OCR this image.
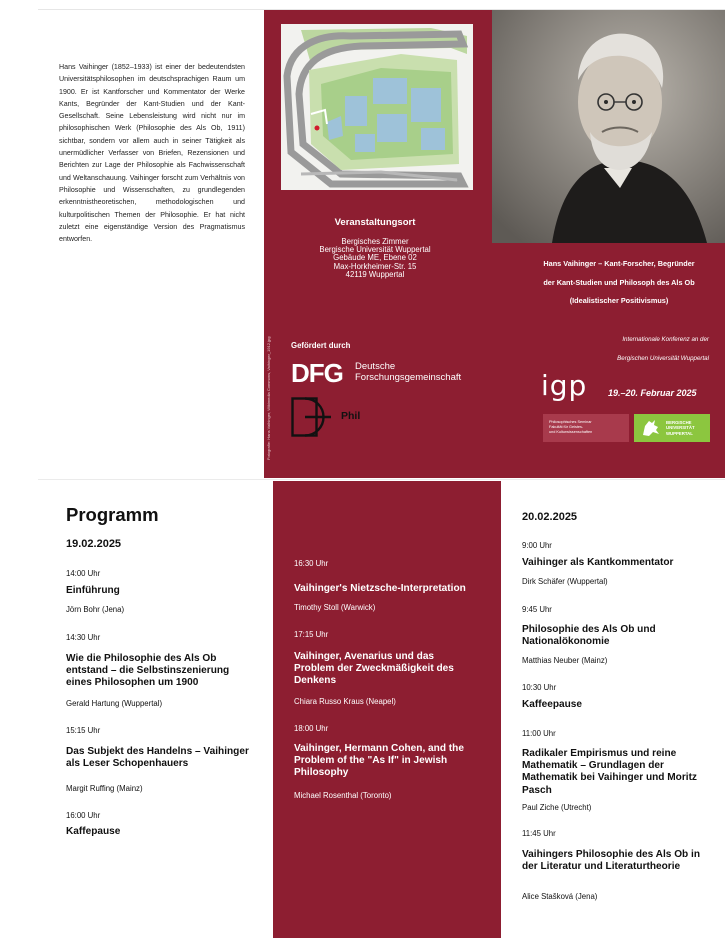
Hans Vaihinger (1852–1933) ist einer der bedeutendsten Universitätsphilosophen im deutschsprachigen Raum um 1900. Er ist Kantforscher und Kommentator der Werke Kants, Begründer der Kant-Studien und der Kant-Gesellschaft. Seine Lebensleistung wird nicht nur im philosophischen Werk (Philosophie des Als Ob, 1911) sichtbar, sondern vor allem auch in seiner Tätigkeit als unermüdlicher Verfasser von Briefen, Rezensionen und Berichten zur Lage der Philosophie als Fachwissenschaft und Weltanschauung. Vaihinger forscht zum Verhältnis von Philosophie und Wissenschaften, zu grundlegenden erkenntnistheoretischen, methodologischen und kulturpolitischen Themen der Philosophie. Er hat nicht zuletzt eine eigenständige Version des Pragmatismus entworfen.
Veranstaltungsort
Bergisches Zimmer
Bergische Universität Wuppertal
Gebäude ME, Ebene 02
Max-Horkheimer-Str. 15
42119 Wuppertal
Gefördert durch
DFG Deutsche
Forschungsgemeinschaft
Phil
Fotografie: Hans Vaihinger, Wikimedia Commons, Vaihinger_1912.jpg
Hans Vaihinger – Kant-Forscher, Begründer
der Kant-Studien und Philosoph des Als Ob
(Idealistischer Positivismus)
Internationale Konferenz an der
Bergischen Universität Wuppertal
igp 19.–20. Februar 2025
Philosophisches Seminar
Fakultät für Geistes-
und Kulturwissenschaften
BERGISCHE
UNIVERSITÄT
WUPPERTAL
Programm
19.02.2025
14:00 Uhr
Einführung
Jörn Bohr (Jena)
14:30 Uhr
Wie die Philosophie des Als Ob entstand – die Selbstinszenierung eines Philosophen um 1900
Gerald Hartung (Wuppertal)
15:15 Uhr
Das Subjekt des Handelns – Vaihinger als Leser Schopenhauers
Margit Ruffing (Mainz)
16:00 Uhr
Kaffepause
16:30 Uhr
Vaihinger's Nietzsche-Interpretation
Timothy Stoll (Warwick)
17:15 Uhr
Vaihinger, Avenarius und das Problem der Zweckmäßigkeit des Denkens
Chiara Russo Kraus (Neapel)
18:00 Uhr
Vaihinger, Hermann Cohen, and the Problem of the "As If" in Jewish Philosophy
Michael Rosenthal (Toronto)
20.02.2025
9:00 Uhr
Vaihinger als Kantkommentator
Dirk Schäfer (Wuppertal)
9:45 Uhr
Philosophie des Als Ob und Nationalökonomie
Matthias Neuber (Mainz)
10:30 Uhr
Kaffeepause
11:00 Uhr
Radikaler Empirismus und reine Mathematik – Grundlagen der Mathematik bei Vaihinger und Moritz Pasch
Paul Ziche (Utrecht)
11:45 Uhr
Vaihingers Philosophie des Als Ob in der Literatur und Literaturtheorie
Alice Stašková (Jena)
